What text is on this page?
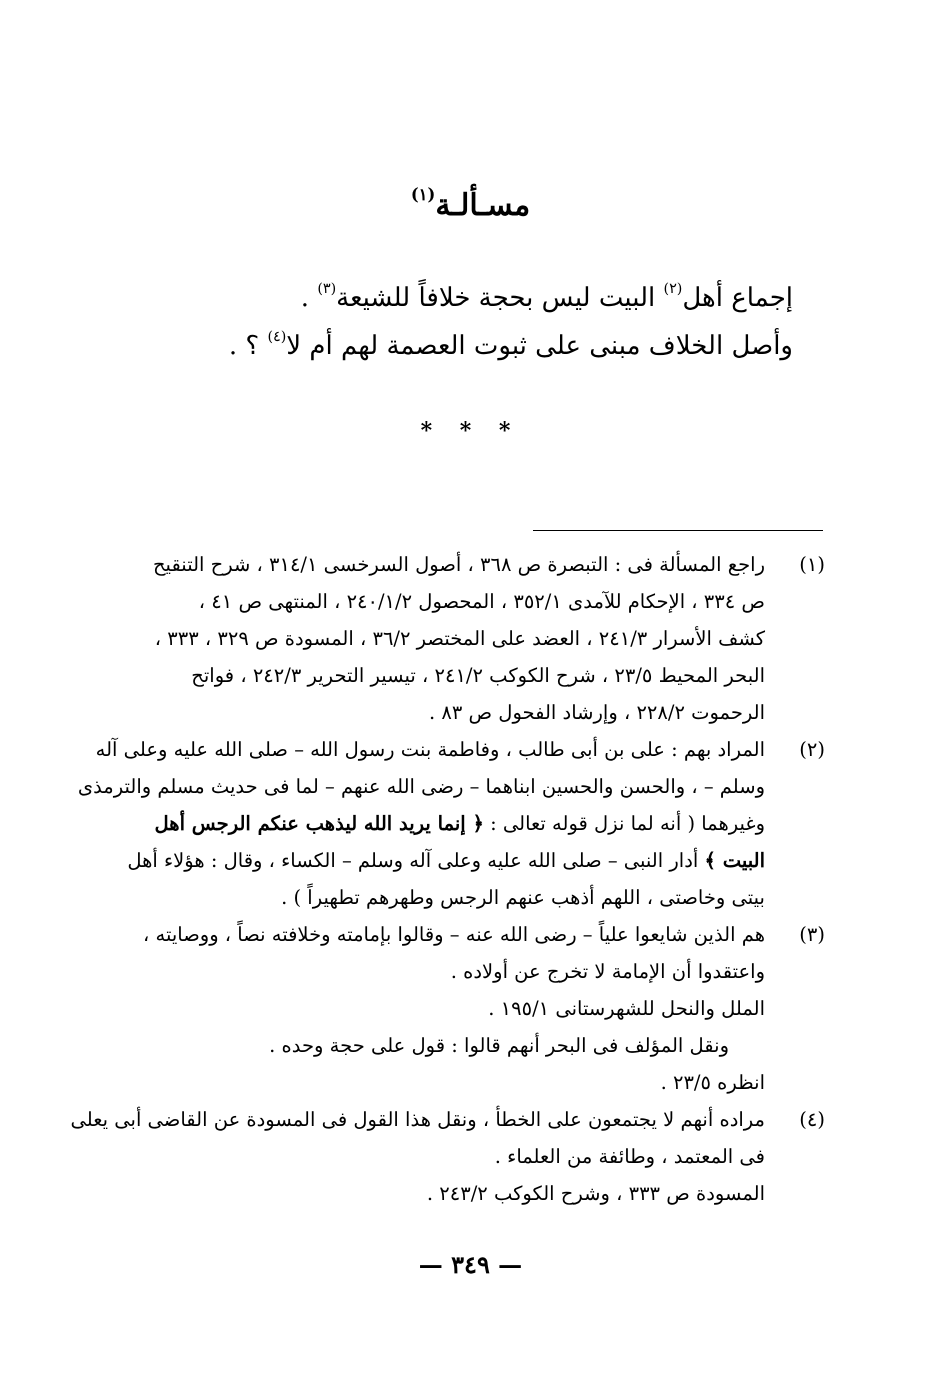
مسـألـة$^{(١)}$
إجماع أهل$^{(٢)}$ البيت ليس بحجة خلافاً للشيعة$^{(٣)}$ .
وأصل الخلاف مبنى على ثبوت العصمة لهم أم لا$^{(٤)}$ ؟ .
* * *
(١)
راجع المسألة فى : التبصرة ص ٣٦٨ ، أصول السرخسى ٣١٤/١ ، شرح التنقيح
ص ٣٣٤ ، الإحكام للآمدى ٣٥٢/١ ، المحصول ٢٤٠/١/٢ ، المنتهى ص ٤١ ،
كشف الأسرار ٢٤١/٣ ، العضد على المختصر ٣٦/٢ ، المسودة ص ٣٢٩ ، ٣٣٣ ،
البحر المحيط ٢٣/٥ ، شرح الكوكب ٢٤١/٢ ، تيسير التحرير ٢٤٢/٣ ، فواتح
الرحموت ٢٢٨/٢ ، وإرشاد الفحول ص ٨٣ .
(٢)
المراد بهم : على بن أبى طالب ، وفاطمة بنت رسول الله – صلى الله عليه وعلى آله
وسلم – ، والحسن والحسين ابناهما – رضى الله عنهم – لما فى حديث مسلم والترمذى
وغيرهما ( أنه لما نزل قوله تعالى : ﴿ إنما يريد الله ليذهب عنكم الرجس أهل
البيت ﴾ أدار النبى – صلى الله عليه وعلى آله وسلم – الكساء ، وقال : هؤلاء أهل
بيتى وخاصتى ، اللهم أذهب عنهم الرجس وطهرهم تطهيراً ) .
(٣)
هم الذين شايعوا علياً – رضى الله عنه – وقالوا بإمامته وخلافته نصاً ، ووصايته ،
واعتقدوا أن الإمامة لا تخرج عن أولاده .
الملل والنحل للشهرستانى ١٩٥/١ .
ونقل المؤلف فى البحر أنهم قالوا : قول على حجة وحده .
انظره ٢٣/٥ .
(٤)
مراده أنهم لا يجتمعون على الخطأ ، ونقل هذا القول فى المسودة عن القاضى أبى يعلى
فى المعتمد ، وطائفة من العلماء .
المسودة ص ٣٣٣ ، وشرح الكوكب ٢٤٣/٢ .
— ٣٤٩ —
